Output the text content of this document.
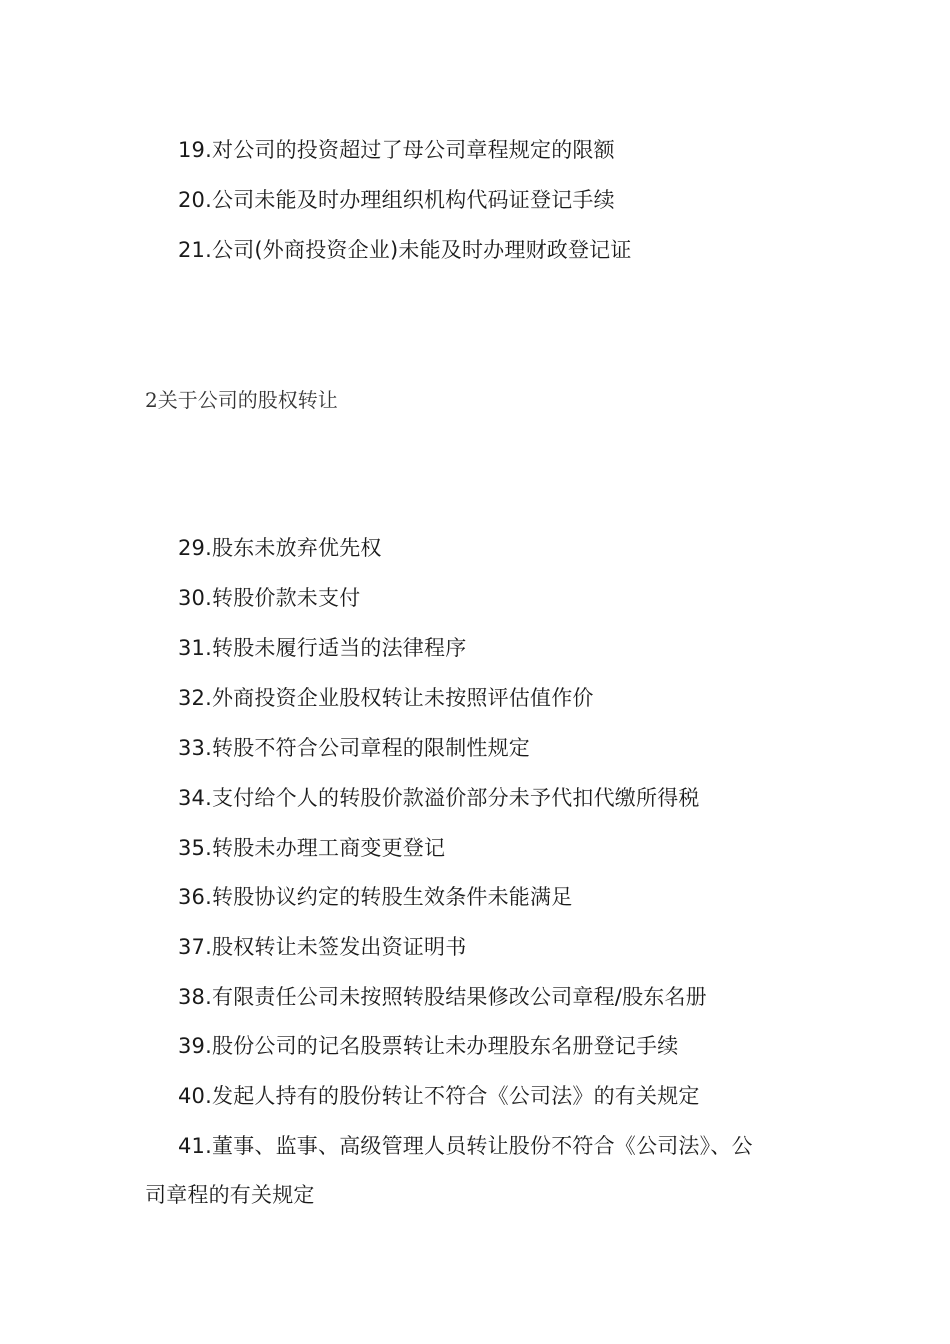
19.对公司的投资超过了母公司章程规定的限额
20.公司未能及时办理组织机构代码证登记手续
21.公司(外商投资企业)未能及时办理财政登记证
2关于公司的股权转让
29.股东未放弃优先权
30.转股价款未支付
31.转股未履行适当的法律程序
32.外商投资企业股权转让未按照评估值作价
33.转股不符合公司章程的限制性规定
34.支付给个人的转股价款溢价部分未予代扣代缴所得税
35.转股未办理工商变更登记
36.转股协议约定的转股生效条件未能满足
37.股权转让未签发出资证明书
38.有限责任公司未按照转股结果修改公司章程/股东名册
39.股份公司的记名股票转让未办理股东名册登记手续
40.发起人持有的股份转让不符合《公司法》的有关规定
41.董事、监事、高级管理人员转让股份不符合《公司法》、公
司章程的有关规定
